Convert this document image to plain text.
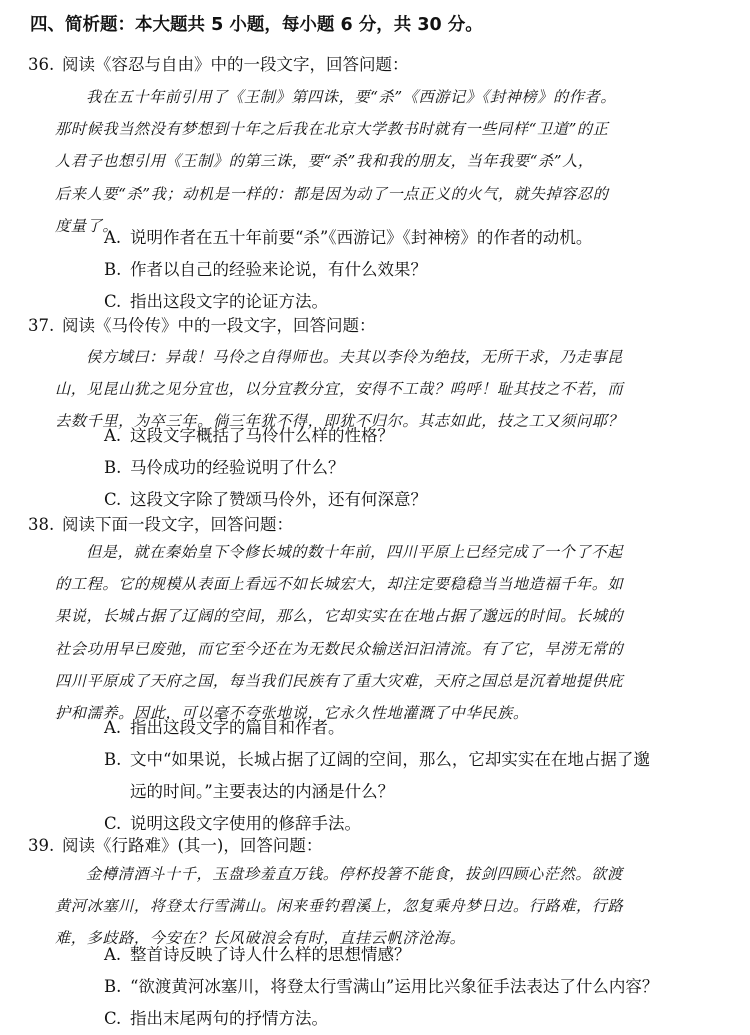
四、简析题：本大题共 5 小题，每小题 6 分，共 30 分。
36. 阅读《容忍与自由》中的一段文字，回答问题：
我在五十年前引用了《王制》第四诛，要“杀”《西游记》《封神榜》的作者。
那时候我当然没有梦想到十年之后我在北京大学教书时就有一些同样“卫道”的正
人君子也想引用《王制》的第三诛，要“杀”我和我的朋友，当年我要“杀”人，
后来人要“杀”我；动机是一样的：都是因为动了一点正义的火气，就失掉容忍的
度量了。
A. 说明作者在五十年前要“杀”《西游记》《封神榜》的作者的动机。
B. 作者以自己的经验来论说，有什么效果？
C. 指出这段文字的论证方法。
37. 阅读《马伶传》中的一段文字，回答问题：
侯方域曰：异哉！马伶之自得师也。夫其以李伶为绝技，无所干求，乃走事昆
山，见昆山犹之见分宜也，以分宜教分宜，安得不工哉？呜呼！耻其技之不若，而
去数千里，为卒三年。倘三年犹不得，即犹不归尔。其志如此，技之工又须问耶？
A. 这段文字概括了马伶什么样的性格？
B. 马伶成功的经验说明了什么？
C. 这段文字除了赞颂马伶外，还有何深意？
38. 阅读下面一段文字，回答问题：
但是，就在秦始皇下令修长城的数十年前，四川平原上已经完成了一个了不起
的工程。它的规模从表面上看远不如长城宏大，却注定要稳稳当当地造福千年。如
果说，长城占据了辽阔的空间，那么，它却实实在在地占据了邈远的时间。长城的
社会功用早已废弛，而它至今还在为无数民众输送汩汩清流。有了它，旱涝无常的
四川平原成了天府之国，每当我们民族有了重大灾难，天府之国总是沉着地提供庇
护和濡养。因此，可以毫不夸张地说，它永久性地灌溉了中华民族。
A. 指出这段文字的篇目和作者。
B. 文中“如果说，长城占据了辽阔的空间，那么，它却实实在在地占据了邈
远的时间。”主要表达的内涵是什么？
C. 说明这段文字使用的修辞手法。
39. 阅读《行路难》(其一)，回答问题：
金樽清酒斗十千，玉盘珍羞直万钱。停杯投箸不能食，拔剑四顾心茫然。欲渡
黄河冰塞川，将登太行雪满山。闲来垂钓碧溪上，忽复乘舟梦日边。行路难，行路
难，多歧路，今安在？长风破浪会有时，直挂云帆济沧海。
A. 整首诗反映了诗人什么样的思想情感？
B. “欲渡黄河冰塞川，将登太行雪满山”运用比兴象征手法表达了什么内容？
C. 指出末尾两句的抒情方法。
